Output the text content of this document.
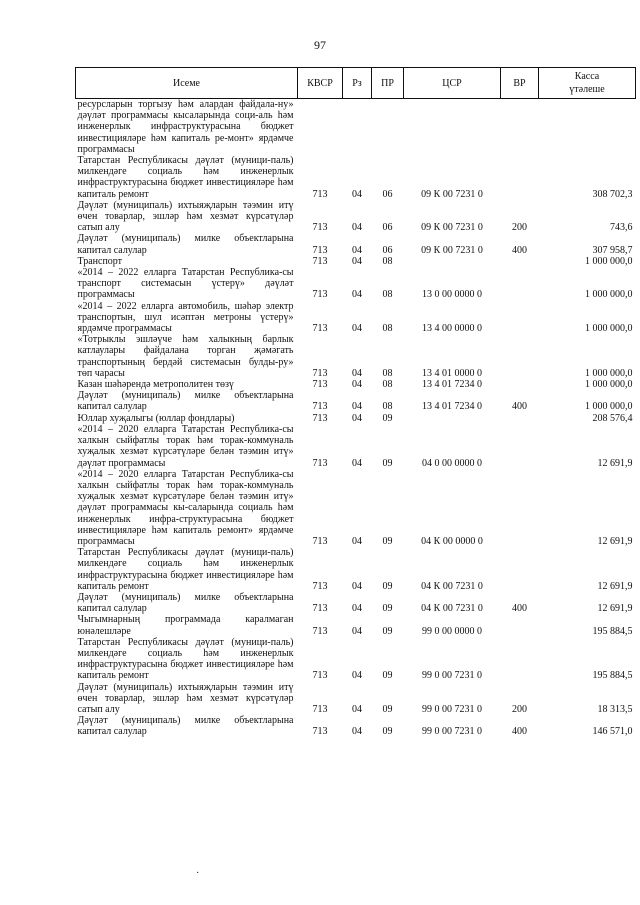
97
Исеме	КВСР	Рз	ПР	ЦСР	ВР	Касса
үтәлеше

ресурсларын торгызу һәм алардан файдала-ну» дәүләт программасы кысаларында соци-аль һәм инженерлык инфраструктурасына бюджет инвестицияләре һәм капиталь ре-монт» ярдәмче программасы						
Татарстан Республикасы дәүләт (муници-паль) милкендәге социаль һәм инженерлык инфраструктурасына бюджет инвестицияләре һәм капиталь ремонт	713	04	06	09 К 00 7231 0		308 702,3
Дәүләт (муниципаль) ихтыяҗларын тәэмин итү өчен товарлар, эшләр һәм хезмәт күрсәтүләр сатып алу	713	04	06	09 К 00 7231 0	200	743,6
Дәүләт (муниципаль) милке объектларына капитал салулар	713	04	06	09 К 00 7231 0	400	307 958,7
Транспорт	713	04	08			1 000 000,0
«2014 – 2022 елларга Татарстан Республика-сы транспорт системасын үстерү» дәүләт программасы	713	04	08	13 0 00 0000 0		1 000 000,0
«2014 – 2022 елларга автомобиль, шәһәр электр транспортын, шул исәптән метроны үстерү» ярдәмче программасы	713	04	08	13 4 00 0000 0		1 000 000,0
«Тотрыклы эшләүче һәм халыкның барлык катлаулары файдалана торган җәмәгать транспортының бердәй системасын булды-ру» төп чарасы	713	04	08	13 4 01 0000 0		1 000 000,0
Казан шәһәрендә метрополитен төзү	713	04	08	13 4 01 7234 0		1 000 000,0
Дәүләт (муниципаль) милке объектларына капитал салулар	713	04	08	13 4 01 7234 0	400	1 000 000,0
Юллар хуҗалыгы (юллар фондлары)	713	04	09			208 576,4
«2014 – 2020 елларга Татарстан Республика-сы халкын сыйфатлы торак һәм торак-коммуналь хуҗалык хезмәт күрсәтүләре белән тәэмин итү» дәүләт программасы	713	04	09	04 0 00 0000 0		12 691,9
«2014 – 2020 елларга Татарстан Республика-сы халкын сыйфатлы торак һәм торак-коммуналь хуҗалык хезмәт күрсәтүләре белән тәэмин итү» дәүләт программасы кы-саларында социаль һәм инженерлык инфра-структурасына бюджет инвестицияләре һәм капиталь ремонт» ярдәмче программасы	713	04	09	04 К 00 0000 0		12 691,9
Татарстан Республикасы дәүләт (муници-паль) милкендәге социаль һәм инженерлык инфраструктурасына бюджет инвестицияләре һәм капиталь ремонт	713	04	09	04 К 00 7231 0		12 691,9
Дәүләт (муниципаль) милке объектларына капитал салулар	713	04	09	04 К 00 7231 0	400	12 691,9
Чыгымнарның программада каралмаган юнәлешләре	713	04	09	99 0 00 0000 0		195 884,5
Татарстан Республикасы дәүләт (муници-паль) милкендәге социаль һәм инженерлык инфраструктурасына бюджет инвестицияләре һәм капиталь ремонт	713	04	09	99 0 00 7231 0		195 884,5
Дәүләт (муниципаль) ихтыяҗларын тәэмин итү өчен товарлар, эшләр һәм хезмәт күрсәтүләр сатып алу	713	04	09	99 0 00 7231 0	200	18 313,5
Дәүләт (муниципаль) милке объектларына капитал салулар	713	04	09	99 0 00 7231 0	400	146 571,0
·
